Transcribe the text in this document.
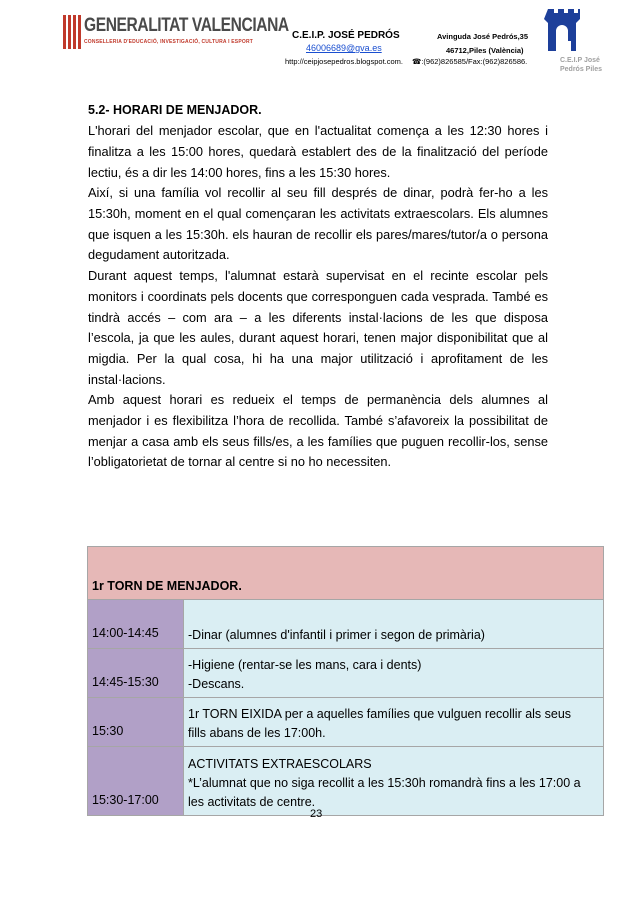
GENERALITAT VALENCIANA
CONSELLERIA D'EDUCACIÓ, INVESTIGACIÓ, CULTURA I ESPORT
C.E.I.P. JOSÉ PEDRÓS
46006689@gva.es
http://ceipjosepedros.blogspot.com.
Avinguda José Pedrós,35
46712,Piles (València)
☎:(962)826585/Fax:(962)826586.	C.E.I.P José Pedrós Piles
5.2- HORARI DE MENJADOR.

L'horari del menjador escolar, que en l'actualitat comença a les 12:30 hores i finalitza a les 15:00 hores, quedarà establert des de la finalització del període lectiu, és a dir les 14:00 hores, fins a les 15:30 hores.

Així, si una família vol recollir al seu fill després de dinar, podrà fer-ho a les 15:30h, moment en el qual començaran les activitats extraescolars. Els alumnes que isquen a les 15:30h. els hauran de recollir els pares/mares/tutor/a o persona degudament autoritzada.

Durant aquest temps, l'alumnat estarà supervisat en el recinte escolar pels monitors i coordinats pels docents que corresponguen cada vesprada. També es tindrà accés – com ara – a les diferents instal·lacions de les que disposa l’escola, ja que les aules, durant aquest horari, tenen major disponibilitat que al migdia. Per la qual cosa, hi ha una major utilització i aprofitament de les instal·lacions.

Amb aquest horari es redueix el temps de permanència dels alumnes al menjador i es flexibilitza l’hora de recollida. També s’afavoreix la possibilitat de menjar a casa amb els seus fills/es, a les famílies que puguen recollir-los, sense l’obligatorietat de tornar al centre si no ho necessiten.

1r TORN DE MENJADOR.	
14:00-14:45	-Dinar (alumnes d'infantil i primer i segon de primària)

14:45-15:30	-Higiene (rentar-se les mans, cara i dents)
-Descans.

15:30	1r TORN EIXIDA per a aquelles famílies que vulguen recollir als seus
fills abans de les 17:00h.

15:30-17:00	ACTIVITATS EXTRAESCOLARS
*L’alumnat que no siga recollit a les 15:30h romandrà fins a les 17:00 a
les activitats de centre.
23
